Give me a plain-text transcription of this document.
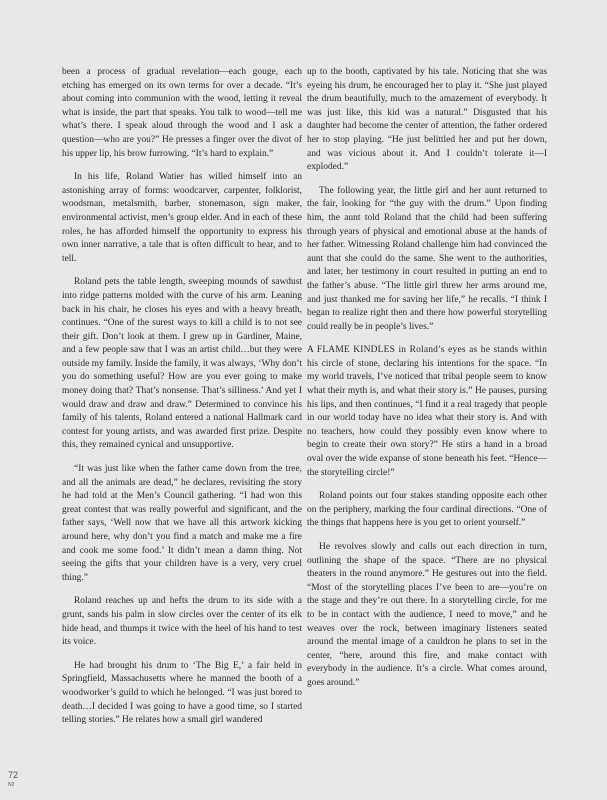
been a process of gradual revelation—each gouge, each etching has emerged on its own terms for over a decade. “It’s about coming into communion with the wood, letting it reveal what is inside, the part that speaks. You talk to wood—tell me what’s there. I speak aloud through the wood and I ask a question—who are you?” He presses a finger over the divot of his upper lip, his brow furrowing. “It’s hard to explain.”

In his life, Roland Watier has willed himself into an astonishing array of forms: woodcarver, carpenter, folklorist, woodsman, metalsmith, barber, stonemason, sign maker, environmental activist, men’s group elder. And in each of these roles, he has afforded himself the opportunity to express his own inner narrative, a tale that is often difficult to hear, and to tell.

Roland pets the table length, sweeping mounds of sawdust into ridge patterns molded with the curve of his arm. Leaning back in his chair, he closes his eyes and with a heavy breath, continues. “One of the surest ways to kill a child is to not see their gift. Don’t look at them. I grew up in Gardiner, Maine, and a few people saw that I was an artist child…but they were outside my family. Inside the family, it was always, ‘Why don’t you do something useful? How are you ever going to make money doing that? That’s nonsense. That’s silliness.’ And yet I would draw and draw and draw.” Determined to convince his family of his talents, Roland entered a national Hallmark card contest for young artists, and was awarded first prize. Despite this, they remained cynical and unsupportive.

“It was just like when the father came down from the tree, and all the animals are dead,” he declares, revisiting the story he had told at the Men’s Council gathering. “I had won this great contest that was really powerful and significant, and the father says, ‘Well now that we have all this artwork kicking around here, why don’t you find a match and make me a fire and cook me some food.’ It didn’t mean a damn thing. Not seeing the gifts that your children have is a very, very cruel thing.”

Roland reaches up and hefts the drum to its side with a grunt, sands his palm in slow circles over the center of its elk hide head, and thumps it twice with the heel of his hand to test its voice.

He had brought his drum to ‘The Big E,’ a fair held in Springfield, Massachusetts where he manned the booth of a woodworker’s guild to which he belonged. “I was just bored to death…I decided I was going to have a good time, so I started telling stories.” He relates how a small girl wandered

up to the booth, captivated by his tale. Noticing that she was eyeing his drum, he encouraged her to play it. “She just played the drum beautifully, much to the amazement of everybody. It was just like, this kid was a natural.” Disgusted that his daughter had become the center of attention, the father ordered her to stop playing. “He just belittled her and put her down, and was vicious about it. And I couldn’t tolerate it—I exploded.”

The following year, the little girl and her aunt returned to the fair, looking for “the guy with the drum.” Upon finding him, the aunt told Roland that the child had been suffering through years of physical and emotional abuse at the hands of her father. Witnessing Roland challenge him had convinced the aunt that she could do the same. She went to the authorities, and later, her testimony in court resulted in putting an end to the father’s abuse. “The little girl threw her arms around me, and just thanked me for saving her life,” he recalls. “I think I began to realize right then and there how powerful storytelling could really be in people’s lives.”

A FLAME KINDLES in Roland’s eyes as he stands within his circle of stone, declaring his intentions for the space. “In my world travels, I’ve noticed that tribal people seem to know what their myth is, and what their story is.” He pauses, pursing his lips, and then continues, “I find it a real tragedy that people in our world today have no idea what their story is. And with no teachers, how could they possibly even know where to begin to create their own story?” He stirs a hand in a broad oval over the wide expanse of stone beneath his feet. “Hence—the storytelling circle!”

Roland points out four stakes standing opposite each other on the periphery, marking the four cardinal directions. “One of the things that happens here is you get to orient yourself.”

He revolves slowly and calls out each direction in turn, outlining the shape of the space. “There are no physical theaters in the round anymore.” He gestures out into the field. “Most of the storytelling places I’ve been to are—you’re on the stage and they’re out there. In a storytelling circle, for me to be in contact with the audience, I need to move,” and he weaves over the rock, between imaginary listeners seated around the mental image of a cauldron he plans to set in the center, “here, around this fire, and make contact with everybody in the audience. It’s a circle. What comes around, goes around.”

72
N2
